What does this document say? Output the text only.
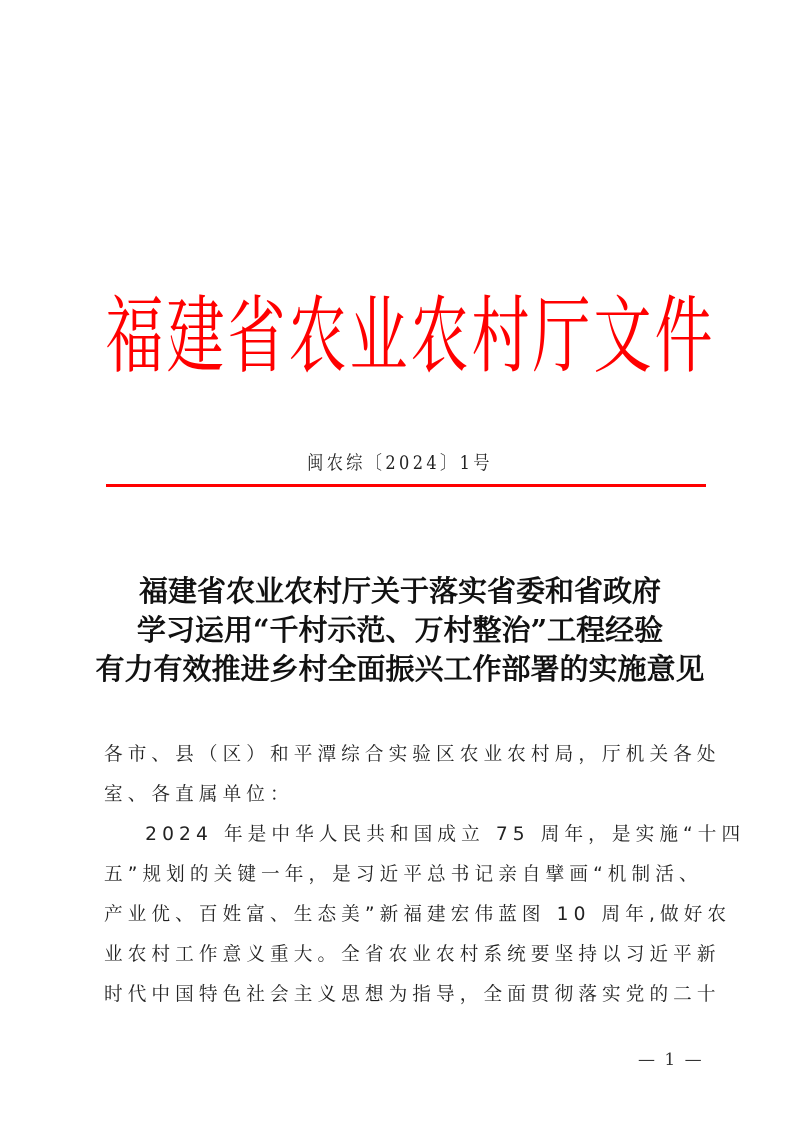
福 建 省 农 业 农 村 厅 文 件
闽农综〔2024〕1号
福建省农业农村厅关于落实省委和省政府
学习运用“千村示范、万村整治”工程经验
有力有效推进乡村全面振兴工作部署的实施意见
各市、县（区）和平潭综合实验区农业农村局，厅机关各处
室、各直属单位：
2024 年是中华人民共和国成立 75 周年，是实施“十四
五”规划的关键一年，是习近平总书记亲自擘画“机制活、
产业优、百姓富、生态美”新福建宏伟蓝图 10 周年,做好农
业农村工作意义重大。全省农业农村系统要坚持以习近平新
时代中国特色社会主义思想为指导，全面贯彻落实党的二十
— 1 —
